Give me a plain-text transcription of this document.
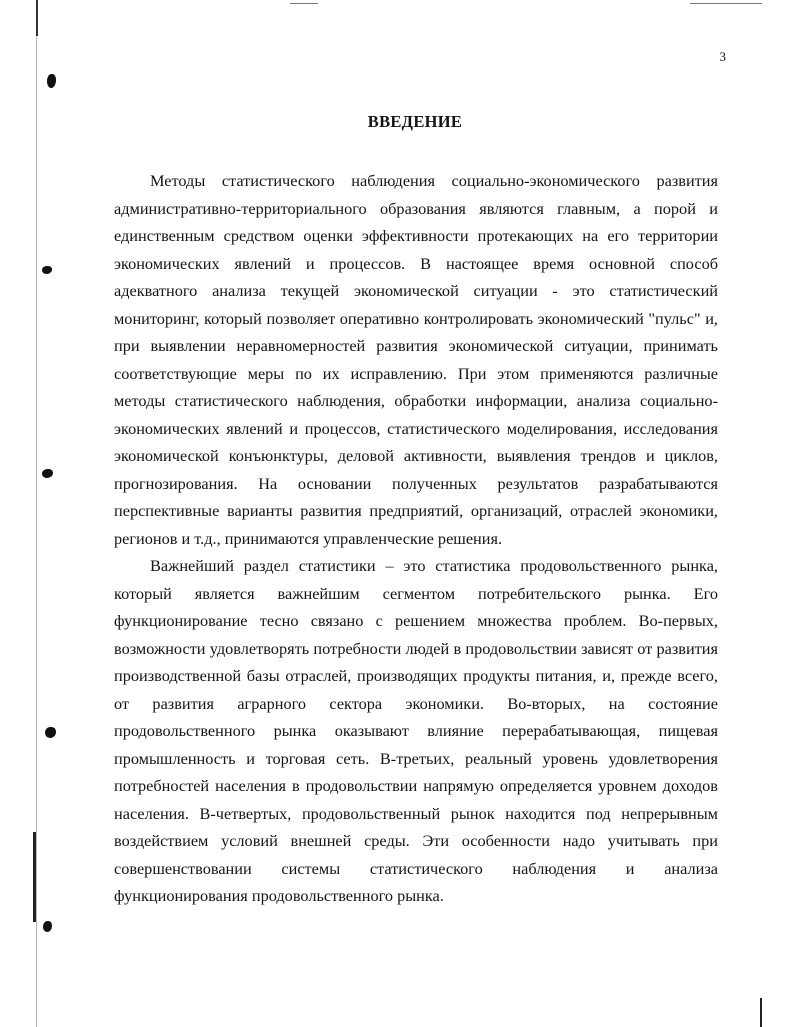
3
ВВЕДЕНИЕ

Методы статистического наблюдения социально-экономического развития административно-территориального образования являются главным, а порой и единственным средством оценки эффективности протекающих на его территории экономических явлений и процессов. В настоящее время основной способ адекватного анализа текущей экономической ситуации - это статистический мониторинг, который позволяет оперативно контролировать экономический "пульс" и, при выявлении неравномерностей развития экономической ситуации, принимать соответствующие меры по их исправлению. При этом применяются различные методы статистического наблюдения, обработки информации, анализа социально-экономических явлений и процессов, статистического моделирования, исследования экономической конъюнктуры, деловой активности, выявления трендов и циклов, прогнозирования. На основании полученных результатов разрабатываются перспективные варианты развития предприятий, организаций, отраслей экономики, регионов и т.д., принимаются управленческие решения.

Важнейший раздел статистики – это статистика продовольственного рынка, который является важнейшим сегментом потребительского рынка. Его функционирование тесно связано с решением множества проблем. Во-первых, возможности удовлетворять потребности людей в продовольствии зависят от развития производственной базы отраслей, производящих продукты питания, и, прежде всего, от развития аграрного сектора экономики. Во-вторых, на состояние продовольственного рынка оказывают влияние перерабатывающая, пищевая промышленность и торговая сеть. В-третьих, реальный уровень удовлетворения потребностей населения в продовольствии напрямую определяется уровнем доходов населения. В-четвертых, продовольственный рынок находится под непрерывным воздействием условий внешней среды. Эти особенности надо учитывать при совершенствовании системы статистического наблюдения и анализа функционирования продовольственного рынка.
